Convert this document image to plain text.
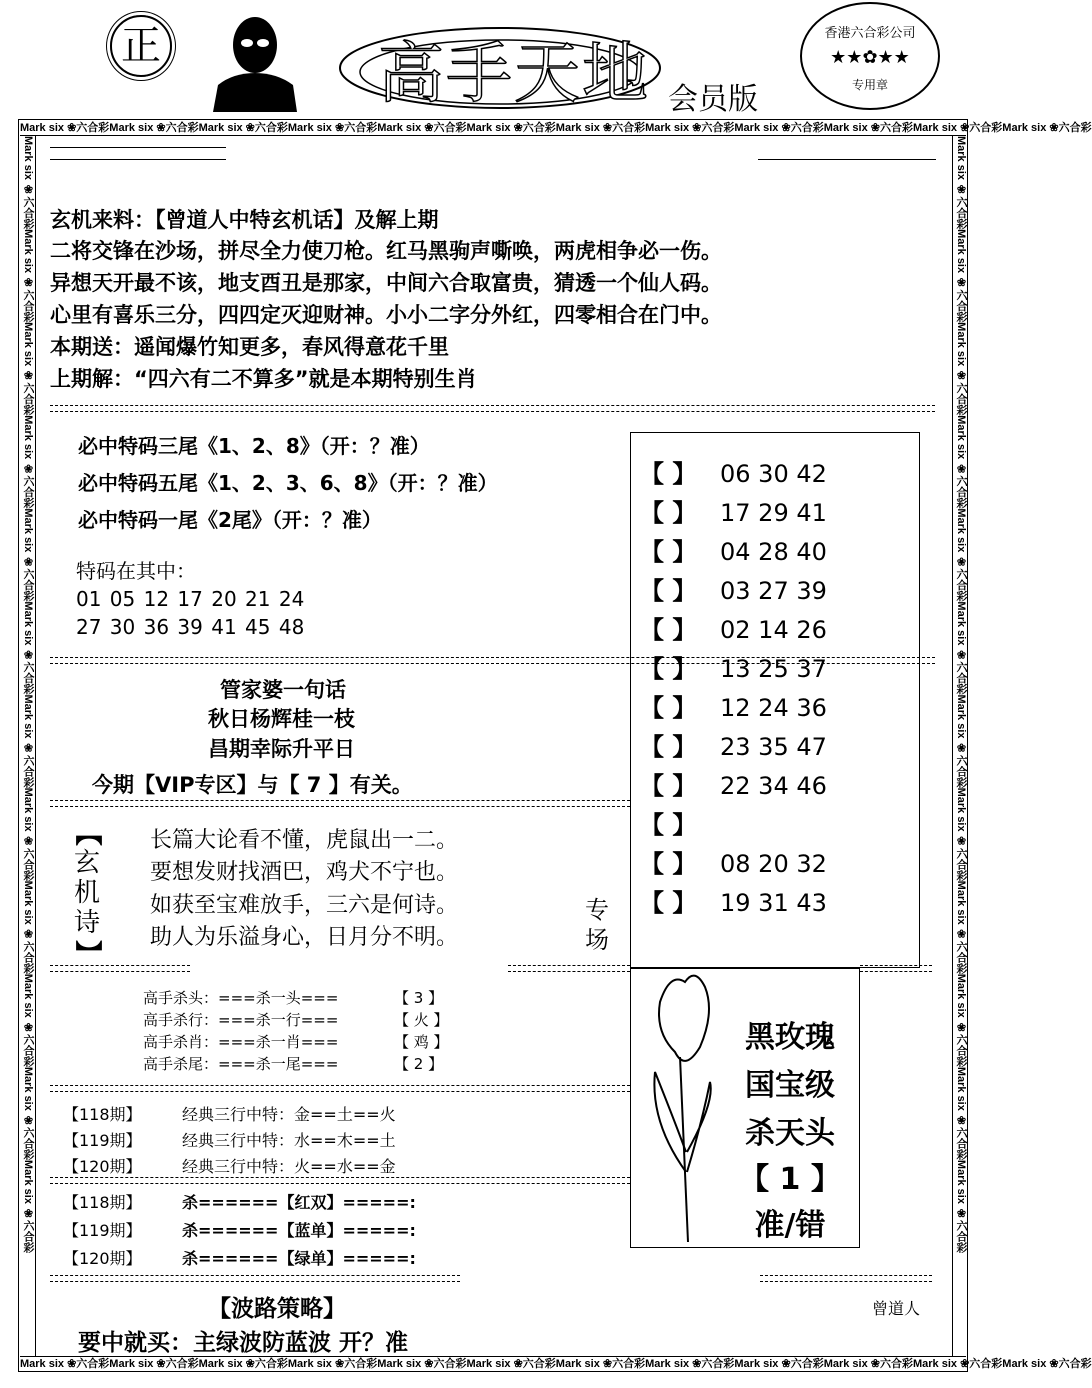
正	高手天地 会员版
香港六合彩公司
★★✿★★
专用章
Mark six ❀六合彩Mark six ❀六合彩Mark six ❀六合彩Mark six ❀六合彩Mark six ❀六合彩Mark six ❀六合彩Mark six ❀六合彩Mark six ❀六合彩Mark six ❀六合彩Mark six ❀六合彩Mark six ❀六合彩Mark six ❀六合彩
Mark six ❀六合彩Mark six ❀六合彩Mark six ❀六合彩Mark six ❀六合彩Mark six ❀六合彩Mark six ❀六合彩Mark six ❀六合彩Mark six ❀六合彩Mark six ❀六合彩Mark six ❀六合彩Mark six ❀六合彩Mark six ❀六合彩
Mark six ❀六合彩Mark six ❀六合彩Mark six ❀六合彩Mark six ❀六合彩Mark six ❀六合彩Mark six ❀六合彩Mark six ❀六合彩Mark six ❀六合彩Mark six ❀六合彩Mark six ❀六合彩Mark six ❀六合彩Mark six ❀六合彩	Mark six ❀六合彩Mark six ❀六合彩Mark six ❀六合彩Mark six ❀六合彩Mark six ❀六合彩Mark six ❀六合彩Mark six ❀六合彩Mark six ❀六合彩Mark six ❀六合彩Mark six ❀六合彩Mark six ❀六合彩Mark six ❀六合彩
玄机来料：【曾道人中特玄机话】及解上期
二将交锋在沙场，拼尽全力使刀枪。红马黑驹声嘶唤，两虎相争必一伤。
异想天开最不该，地支酉丑是那家，中间六合取富贵，猜透一个仙人码。
心里有喜乐三分，四四定灭迎财神。小小二字分外红，四零相合在门中。
本期送：遥闻爆竹知更多，春风得意花千里
上期解：“四六有二不算多”就是本期特别生肖
必中特码三尾《1、2、8》（开：？准）
必中特码五尾《1、2、3、6、8》（开：？准）
必中特码一尾《2尾》（开：？准）
特码在其中：
01 05 12 17 20 21 24
27 30 36 39 41 45 48
管家婆一句话
秋日杨辉桂一枝
昌期幸际升平日
今期【VIP专区】与【 7 】有关。
【 】 06 30 42
【 】 17 29 41
【 】 04 28 40
【 】 03 27 39
【 】 02 14 26
【 】 13 25 37
【 】 12 24 36
【 】 23 35 47
【 】 22 34 46
【 】
【 】 08 20 32
【 】 19 31 43
【
玄
机
诗
】
长篇大论看不懂，虎鼠出一二。
要想发财找酒巴，鸡犬不宁也。
如获至宝难放手，三六是何诗。
助人为乐溢身心，日月分不明。
专
场
高手杀头：===杀一头===	【 3 】
高手杀行：===杀一行===	【 火 】
高手杀肖：===杀一肖===	【 鸡 】
高手杀尾：===杀一尾===	【 2 】
【118期】	经典三行中特：金==土==火
【119期】	经典三行中特：水==木==土
【120期】	经典三行中特：火==水==金
【118期】	杀======【红双】=====:
【119期】	杀======【蓝单】=====:
【120期】	杀======【绿单】=====:
黑玫瑰
国宝级
杀天头
【 1 】
准/错
【波路策略】
要中就买：主绿波防蓝波 开？准
曾道人
